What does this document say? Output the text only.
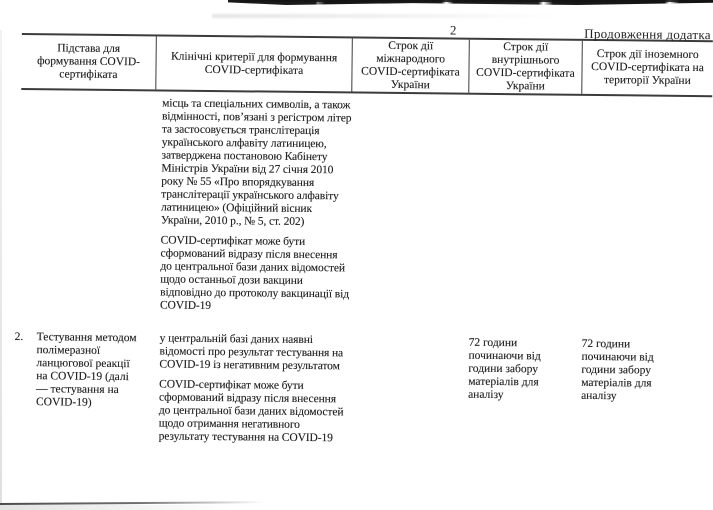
2	Продовження додатка
Підстава для формування COVID-сертифіката
Клінічні критерії для формування COVID-сертифіката
Строк дії міжнародного COVID-сертифіката України
Строк дії внутрішнього COVID-сертифіката України
Строк дії іноземного COVID-сертифіката на території України

місць та спеціальних символів, а також відмінності, пов’язані з регістром літер та застосовується транслітерація українського алфавіту латиницею, затверджена постановою Кабінету Міністрів України від 27 січня 2010 року № 55 «Про впорядкування транслітерації українського алфавіту латиницею» (Офіційний вісник України, 2010 р., № 5, ст. 202)

COVID-сертифікат може бути сформований відразу після внесення до центральної бази даних відомостей щодо останньої дози вакцини відповідно до протоколу вакцинації від COVID-19

2. Тестування методом полімеразної ланцюгової реакції на COVID-19 (далі — тестування на COVID-19)

у центральній базі даних наявні відомості про результат тестування на COVID-19 із негативним результатом

COVID-сертифікат може бути сформований відразу після внесення до центральної бази даних відомостей щодо отримання негативного результату тестування на COVID-19

72 години починаючи від години забору матеріалів для аналізу

72 години починаючи від години забору матеріалів для аналізу
